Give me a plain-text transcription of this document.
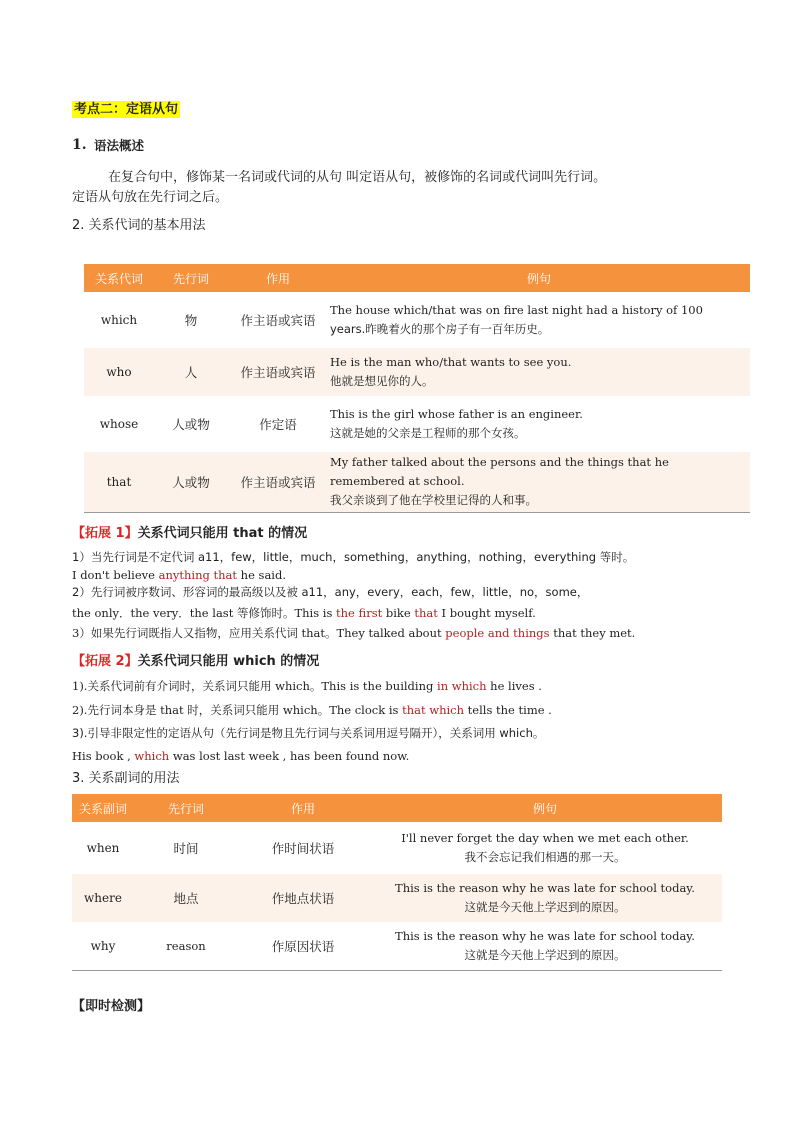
考点二：定语从句
1. 语法概述
在复合句中，修饰某一名词或代词的从句 叫定语从句，被修饰的名词或代词叫先行词。
定语从句放在先行词之后。
2. 关系代词的基本用法
关系代词	先行词	作用	例句
which	物	作主语或宾语	The house which/that was on fire last night had a history of 100
years.昨晚着火的那个房子有一百年历史。

who	人	作主语或宾语	He is the man who/that wants to see you.
他就是想见你的人。

whose	人或物	作定语	This is the girl whose father is an engineer.
这就是她的父亲是工程师的那个女孩。

that	人或物	作主语或宾语	My father talked about the persons and the things that he
remembered at school.
我父亲谈到了他在学校里记得的人和事。
【拓展 1】关系代词只能用 that 的情况
1）当先行词是不定代词 a11，few，little，much，something，anything，nothing，everything 等时。
I don't believe anything that he said.
2）先行词被序数词、形容词的最高级以及被 a11，any，every，each，few，little，no，some，
the only．the very．the last 等修饰时。This is the first bike that I bought myself.
3）如果先行词既指人又指物，应用关系代词 that。They talked about people and things that they met.
【拓展 2】关系代词只能用 which 的情况
1).关系代词前有介词时，关系词只能用 which。This is the building in which he lives .
2).先行词本身是 that 时，关系词只能用 which。The clock is that which tells the time .
3).引导非限定性的定语从句（先行词是物且先行词与关系词用逗号隔开），关系词用 which。
His book , which was lost last week , has been found now.
3. 关系副词的用法
关系副词	先行词	作用	例句
when	时间	作时间状语	I'll never forget the day when we met each other.
我不会忘记我们相遇的那一天。

where	地点	作地点状语	This is the reason why he was late for school today.
这就是今天他上学迟到的原因。

why	reason	作原因状语	This is the reason why he was late for school today.
这就是今天他上学迟到的原因。
【即时检测】
